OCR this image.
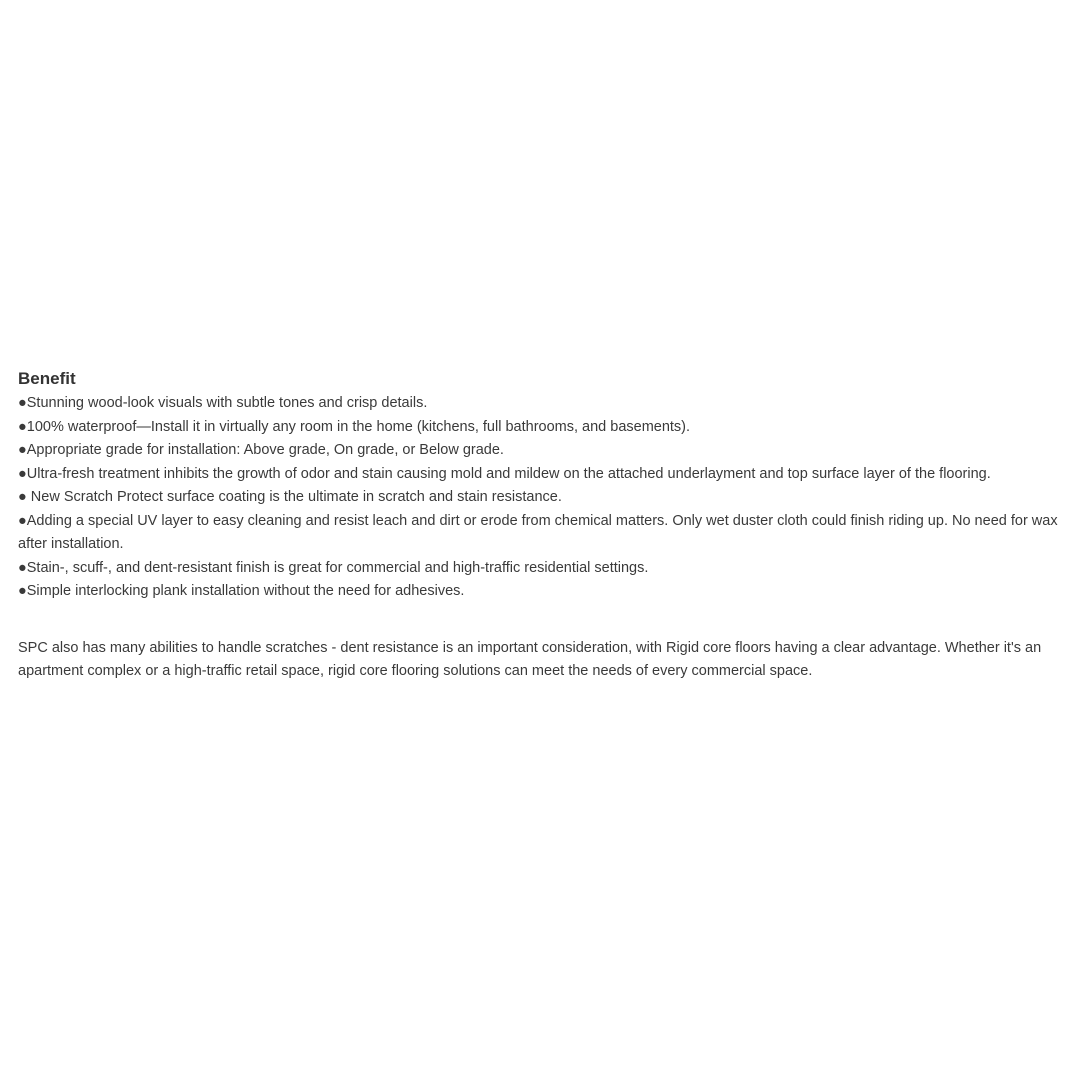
Benefit
●Stunning wood-look visuals with subtle tones and crisp details.
●100% waterproof—Install it in virtually any room in the home (kitchens, full bathrooms, and basements).
●Appropriate grade for installation: Above grade, On grade, or Below grade.
●Ultra-fresh treatment inhibits the growth of odor and stain causing mold and mildew on the attached underlayment and top surface layer of the flooring.
● New Scratch Protect surface coating is the ultimate in scratch and stain resistance.
●Adding a special UV layer to easy cleaning and resist leach and dirt or erode from chemical matters. Only wet duster cloth could finish riding up. No need for wax after installation.
●Stain-, scuff-, and dent-resistant finish is great for commercial and high-traffic residential settings.
●Simple interlocking plank installation without the need for adhesives.

SPC also has many abilities to handle scratches - dent resistance is an important consideration, with Rigid core floors having a clear advantage. Whether it's an apartment complex or a high-traffic retail space, rigid core flooring solutions can meet the needs of every commercial space.
